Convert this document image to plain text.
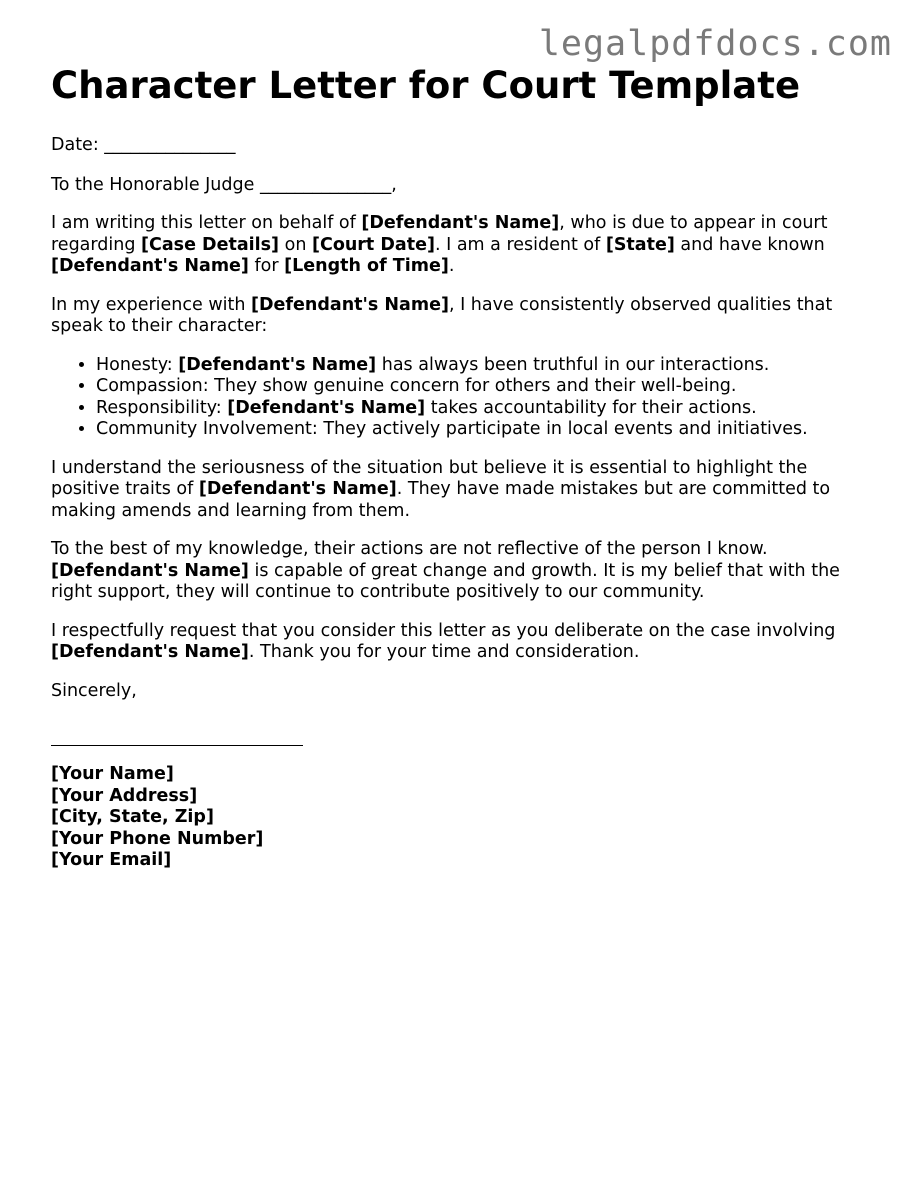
legalpdfdocs.com
Character Letter for Court Template

Date: _______________

To the Honorable Judge _______________,

I am writing this letter on behalf of [Defendant's Name], who is due to appear in court regarding [Case Details] on [Court Date]. I am a resident of [State] and have known [Defendant's Name] for [Length of Time].

In my experience with [Defendant's Name], I have consistently observed qualities that speak to their character:

• Honesty: [Defendant's Name] has always been truthful in our interactions.
• Compassion: They show genuine concern for others and their well-being.
• Responsibility: [Defendant's Name] takes accountability for their actions.
• Community Involvement: They actively participate in local events and initiatives.

I understand the seriousness of the situation but believe it is essential to highlight the positive traits of [Defendant's Name]. They have made mistakes but are committed to making amends and learning from them.

To the best of my knowledge, their actions are not reflective of the person I know. [Defendant's Name] is capable of great change and growth. It is my belief that with the right support, they will continue to contribute positively to our community.

I respectfully request that you consider this letter as you deliberate on the case involving [Defendant's Name]. Thank you for your time and consideration.

Sincerely,

[Your Name]
[Your Address]
[City, State, Zip]
[Your Phone Number]
[Your Email]
